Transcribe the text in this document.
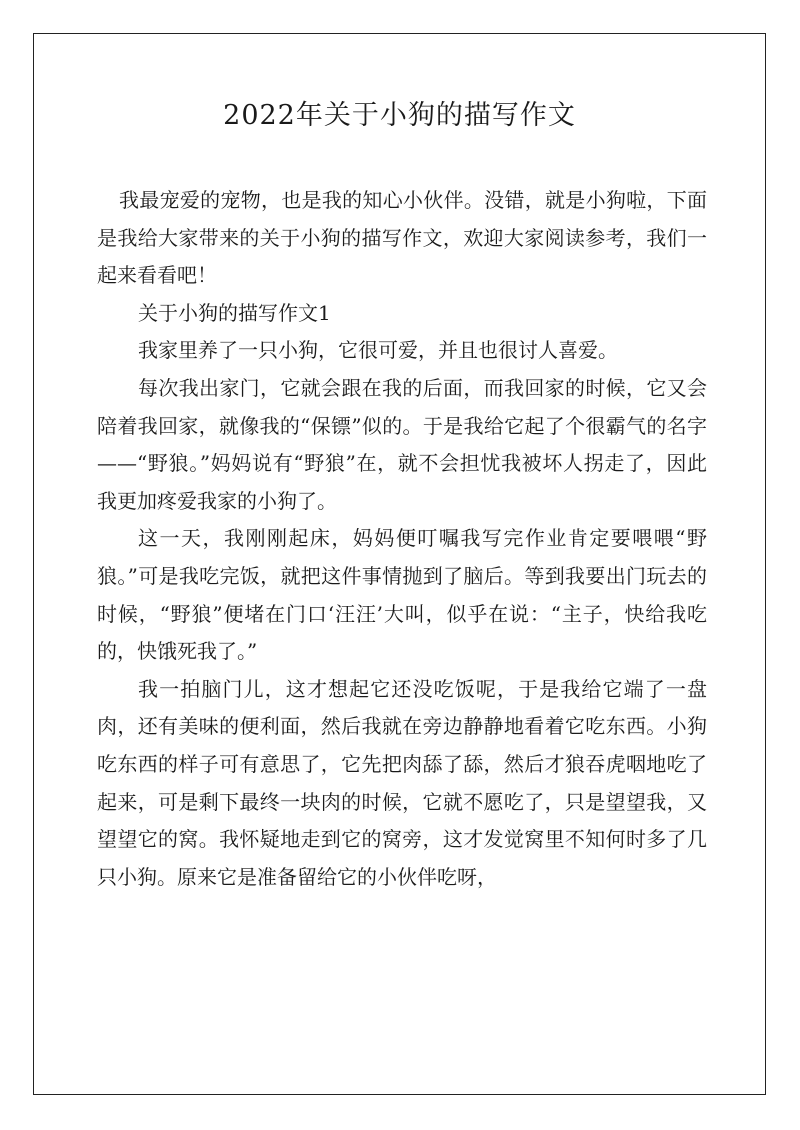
2022年关于小狗的描写作文

我最宠爱的宠物，也是我的知心小伙伴。没错，就是小狗啦，下面是我给大家带来的关于小狗的描写作文，欢迎大家阅读参考，我们一起来看看吧！

关于小狗的描写作文1

我家里养了一只小狗，它很可爱，并且也很讨人喜爱。

每次我出家门，它就会跟在我的后面，而我回家的时候，它又会陪着我回家，就像我的“保镖”似的。于是我给它起了个很霸气的名字——“野狼。”妈妈说有“野狼”在，就不会担忧我被坏人拐走了，因此我更加疼爱我家的小狗了。

这一天，我刚刚起床，妈妈便叮嘱我写完作业肯定要喂喂“野狼。”可是我吃完饭，就把这件事情抛到了脑后。等到我要出门玩去的时候，“野狼”便堵在门口‘汪汪’大叫，似乎在说：“主子，快给我吃的，快饿死我了。”

我一拍脑门儿，这才想起它还没吃饭呢，于是我给它端了一盘肉，还有美味的便利面，然后我就在旁边静静地看着它吃东西。小狗吃东西的样子可有意思了，它先把肉舔了舔，然后才狼吞虎咽地吃了起来，可是剩下最终一块肉的时候，它就不愿吃了，只是望望我，又望望它的窝。我怀疑地走到它的窝旁，这才发觉窝里不知何时多了几只小狗。原来它是准备留给它的小伙伴吃呀，
